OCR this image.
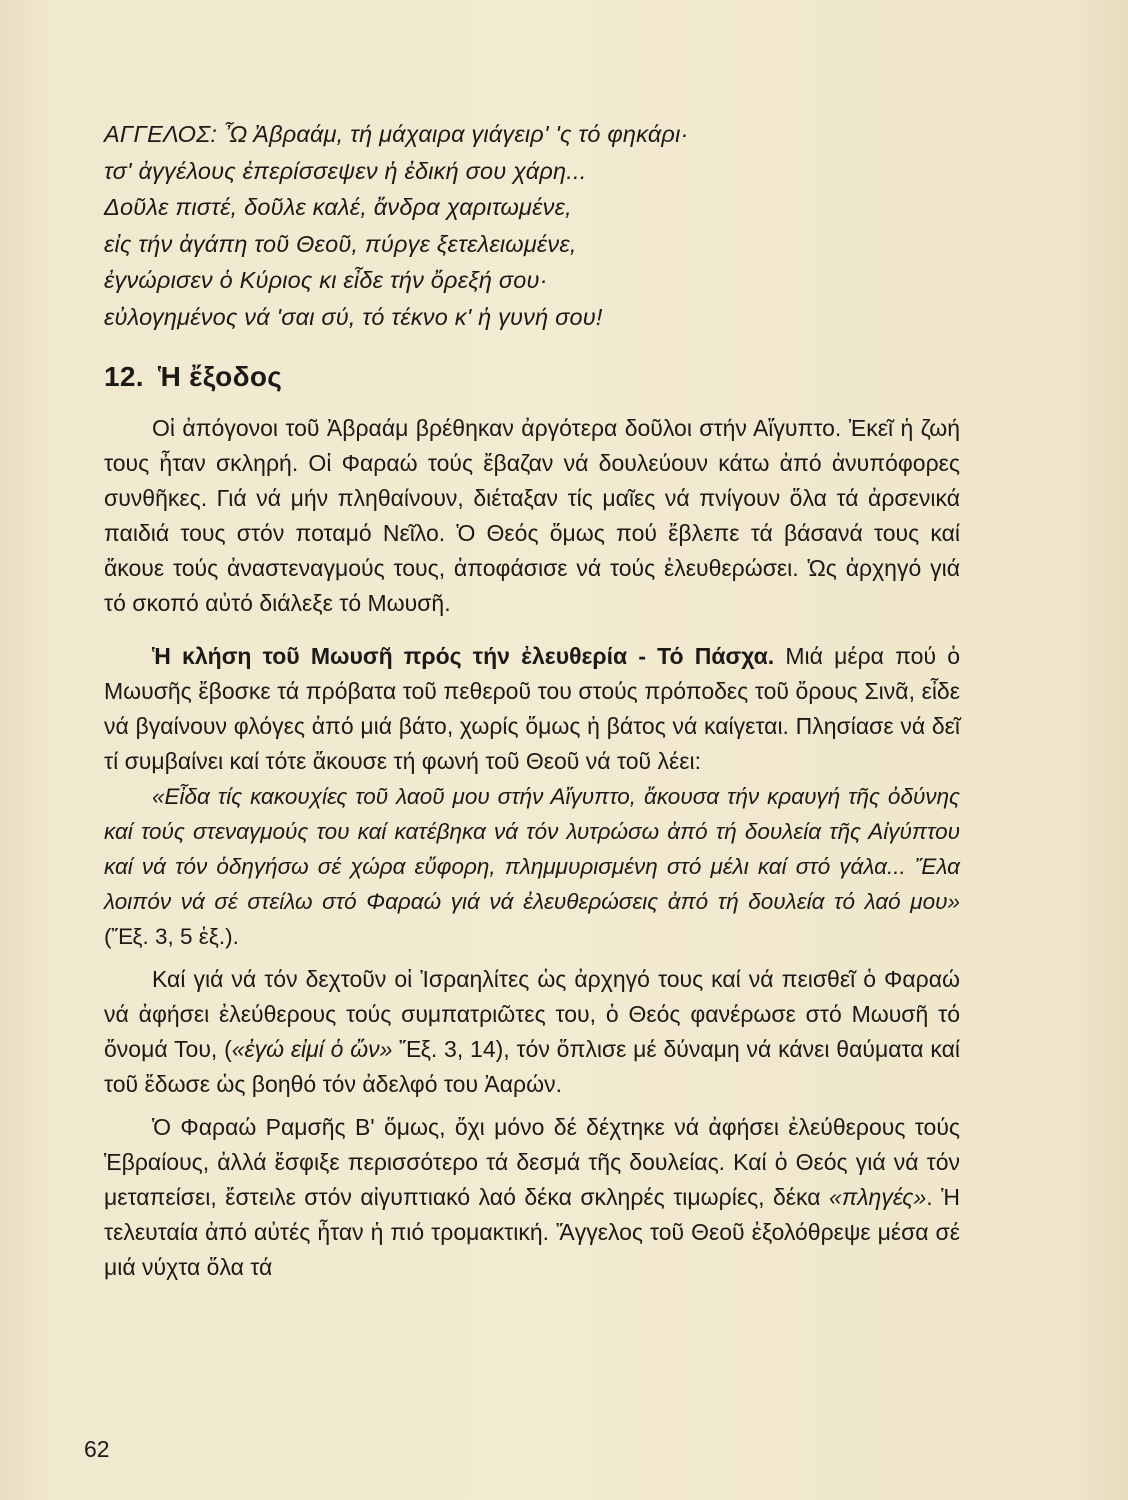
ΑΓΓΕΛΟΣ: Ὦ Ἀβραάμ, τή μάχαιρα γιάγειρ' 'ς τό φηκάρι·
τσ' ἀγγέλους ἐπερίσσεψεν ἡ ἐδική σου χάρη...
Δοῦλε πιστέ, δοῦλε καλέ, ἄνδρα χαριτωμένε,
εἰς τήν ἀγάπη τοῦ Θεοῦ, πύργε ξετελειωμένε,
ἐγνώρισεν ὁ Κύριος κι εἶδε τήν ὄρεξή σου·
εὐλογημένος νά 'σαι σύ, τό τέκνο κ' ἡ γυνή σου!
12. Ἡ ἔξοδος

Οἱ ἀπόγονοι τοῦ Ἀβραάμ βρέθηκαν ἀργότερα δοῦλοι στήν Αἴγυπτο. Ἐκεῖ ἡ ζωή τους ἦταν σκληρή. Οἱ Φαραώ τούς ἔβαζαν νά δουλεύουν κάτω ἀπό ἀνυπόφορες συνθῆκες. Γιά νά μήν πληθαίνουν, διέταξαν τίς μαῖες νά πνίγουν ὅλα τά ἀρσενικά παιδιά τους στόν ποταμό Νεῖλο. Ὁ Θεός ὅμως πού ἔβλεπε τά βάσανά τους καί ἄκουε τούς ἀναστεναγμούς τους, ἀποφάσισε νά τούς ἐλευθερώσει. Ὡς ἀρχηγό γιά τό σκοπό αὐτό διάλεξε τό Μωυσῆ.

Ἡ κλήση τοῦ Μωυσῆ πρός τήν ἐλευθερία - Τό Πάσχα. Μιά μέρα πού ὁ Μωυσῆς ἔβοσκε τά πρόβατα τοῦ πεθεροῦ του στούς πρόποδες τοῦ ὄρους Σινᾶ, εἶδε νά βγαίνουν φλόγες ἀπό μιά βάτο, χωρίς ὅμως ἡ βάτος νά καίγεται. Πλησίασε νά δεῖ τί συμβαίνει καί τότε ἄκουσε τή φωνή τοῦ Θεοῦ νά τοῦ λέει:

«Εἶδα τίς κακουχίες τοῦ λαοῦ μου στήν Αἴγυπτο, ἄκουσα τήν κραυγή τῆς ὀδύνης καί τούς στεναγμούς του καί κατέβηκα νά τόν λυτρώσω ἀπό τή δουλεία τῆς Αἰγύπτου καί νά τόν ὁδηγήσω σέ χώρα εὔφορη, πλημμυρισμένη στό μέλι καί στό γάλα... Ἔλα λοιπόν νά σέ στείλω στό Φαραώ γιά νά ἐλευθερώσεις ἀπό τή δουλεία τό λαό μου» (Ἔξ. 3, 5 ἑξ.).

Καί γιά νά τόν δεχτοῦν οἱ Ἰσραηλίτες ὡς ἀρχηγό τους καί νά πεισθεῖ ὁ Φαραώ νά ἀφήσει ἐλεύθερους τούς συμπατριῶτες του, ὁ Θεός φανέρωσε στό Μωυσῆ τό ὄνομά Του, («ἐγώ εἰμί ὁ ὤν» Ἔξ. 3, 14), τόν ὅπλισε μέ δύναμη νά κάνει θαύματα καί τοῦ ἔδωσε ὡς βοηθό τόν ἀδελφό του Ἀαρών.

Ὁ Φαραώ Ραμσῆς Β' ὅμως, ὄχι μόνο δέ δέχτηκε νά ἀφήσει ἐλεύθερους τούς Ἑβραίους, ἀλλά ἔσφιξε περισσότερο τά δεσμά τῆς δουλείας. Καί ὁ Θεός γιά νά τόν μεταπείσει, ἔστειλε στόν αἰγυπτιακό λαό δέκα σκληρές τιμωρίες, δέκα «πληγές». Ἡ τελευταία ἀπό αὐτές ἦταν ἡ πιό τρομακτική. Ἄγγελος τοῦ Θεοῦ ἐξολόθρεψε μέσα σέ μιά νύχτα ὅλα τά

62
